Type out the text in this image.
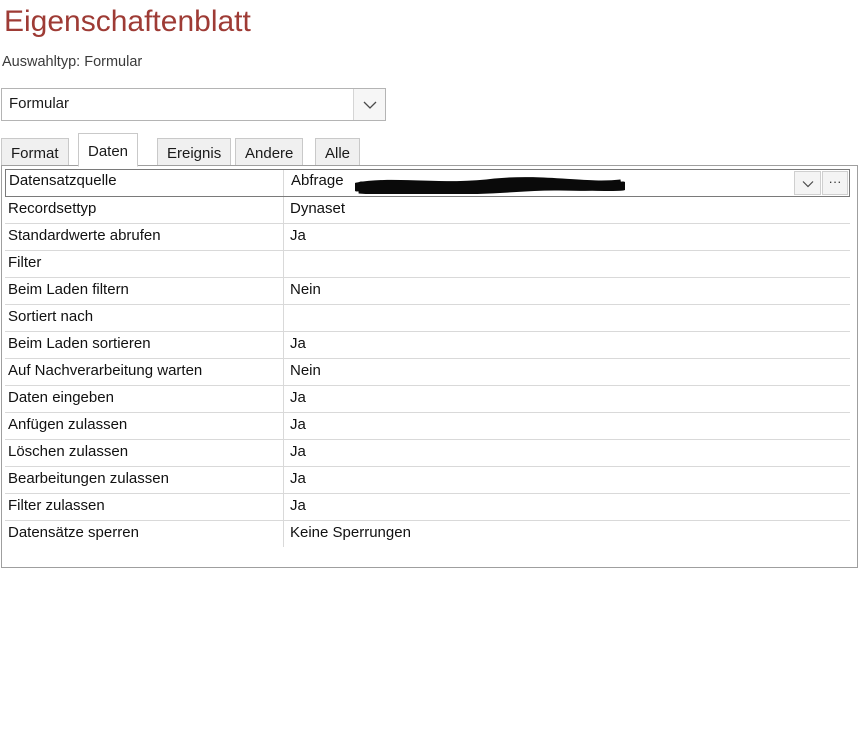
Eigenschaftenblatt
Auswahltyp: Formular
Formular
Format	Daten	Ereignis	Andere	Alle
Datensatzquelle	Abfrage	···
Recordsettyp	Dynaset
Standardwerte abrufen	Ja
Filter
Beim Laden filtern	Nein
Sortiert nach
Beim Laden sortieren	Ja
Auf Nachverarbeitung warten	Nein
Daten eingeben	Ja
Anfügen zulassen	Ja
Löschen zulassen	Ja
Bearbeitungen zulassen	Ja
Filter zulassen	Ja
Datensätze sperren	Keine Sperrungen
